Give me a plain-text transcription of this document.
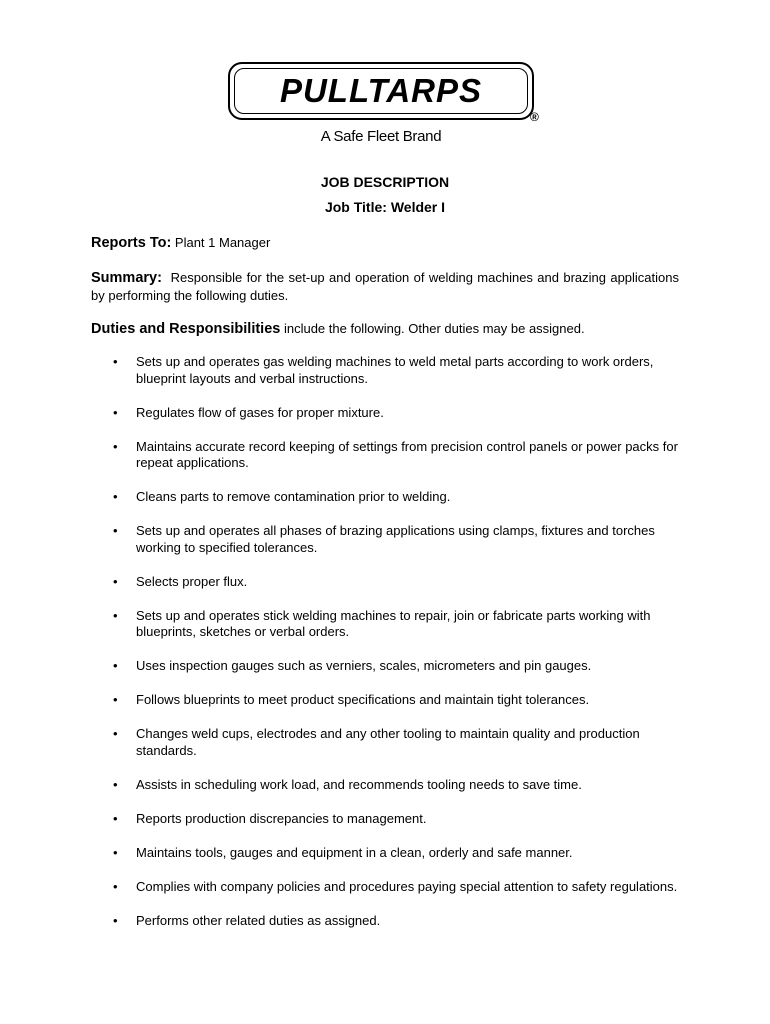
PULLTARPS
®
A Safe Fleet Brand
JOB DESCRIPTION
Job Title: Welder I
Reports To: Plant 1 Manager
Summary: Responsible for the set-up and operation of welding machines and brazing applications by performing the following duties.
Duties and Responsibilities include the following. Other duties may be assigned.
• Sets up and operates gas welding machines to weld metal parts according to work orders, blueprint layouts and verbal instructions.
• Regulates flow of gases for proper mixture.
• Maintains accurate record keeping of settings from precision control panels or power packs for repeat applications.
• Cleans parts to remove contamination prior to welding.
• Sets up and operates all phases of brazing applications using clamps, fixtures and torches working to specified tolerances.
• Selects proper flux.
• Sets up and operates stick welding machines to repair, join or fabricate parts working with blueprints, sketches or verbal orders.
• Uses inspection gauges such as verniers, scales, micrometers and pin gauges.
• Follows blueprints to meet product specifications and maintain tight tolerances.
• Changes weld cups, electrodes and any other tooling to maintain quality and production standards.
• Assists in scheduling work load, and recommends tooling needs to save time.
• Reports production discrepancies to management.
• Maintains tools, gauges and equipment in a clean, orderly and safe manner.
• Complies with company policies and procedures paying special attention to safety regulations.
• Performs other related duties as assigned.
